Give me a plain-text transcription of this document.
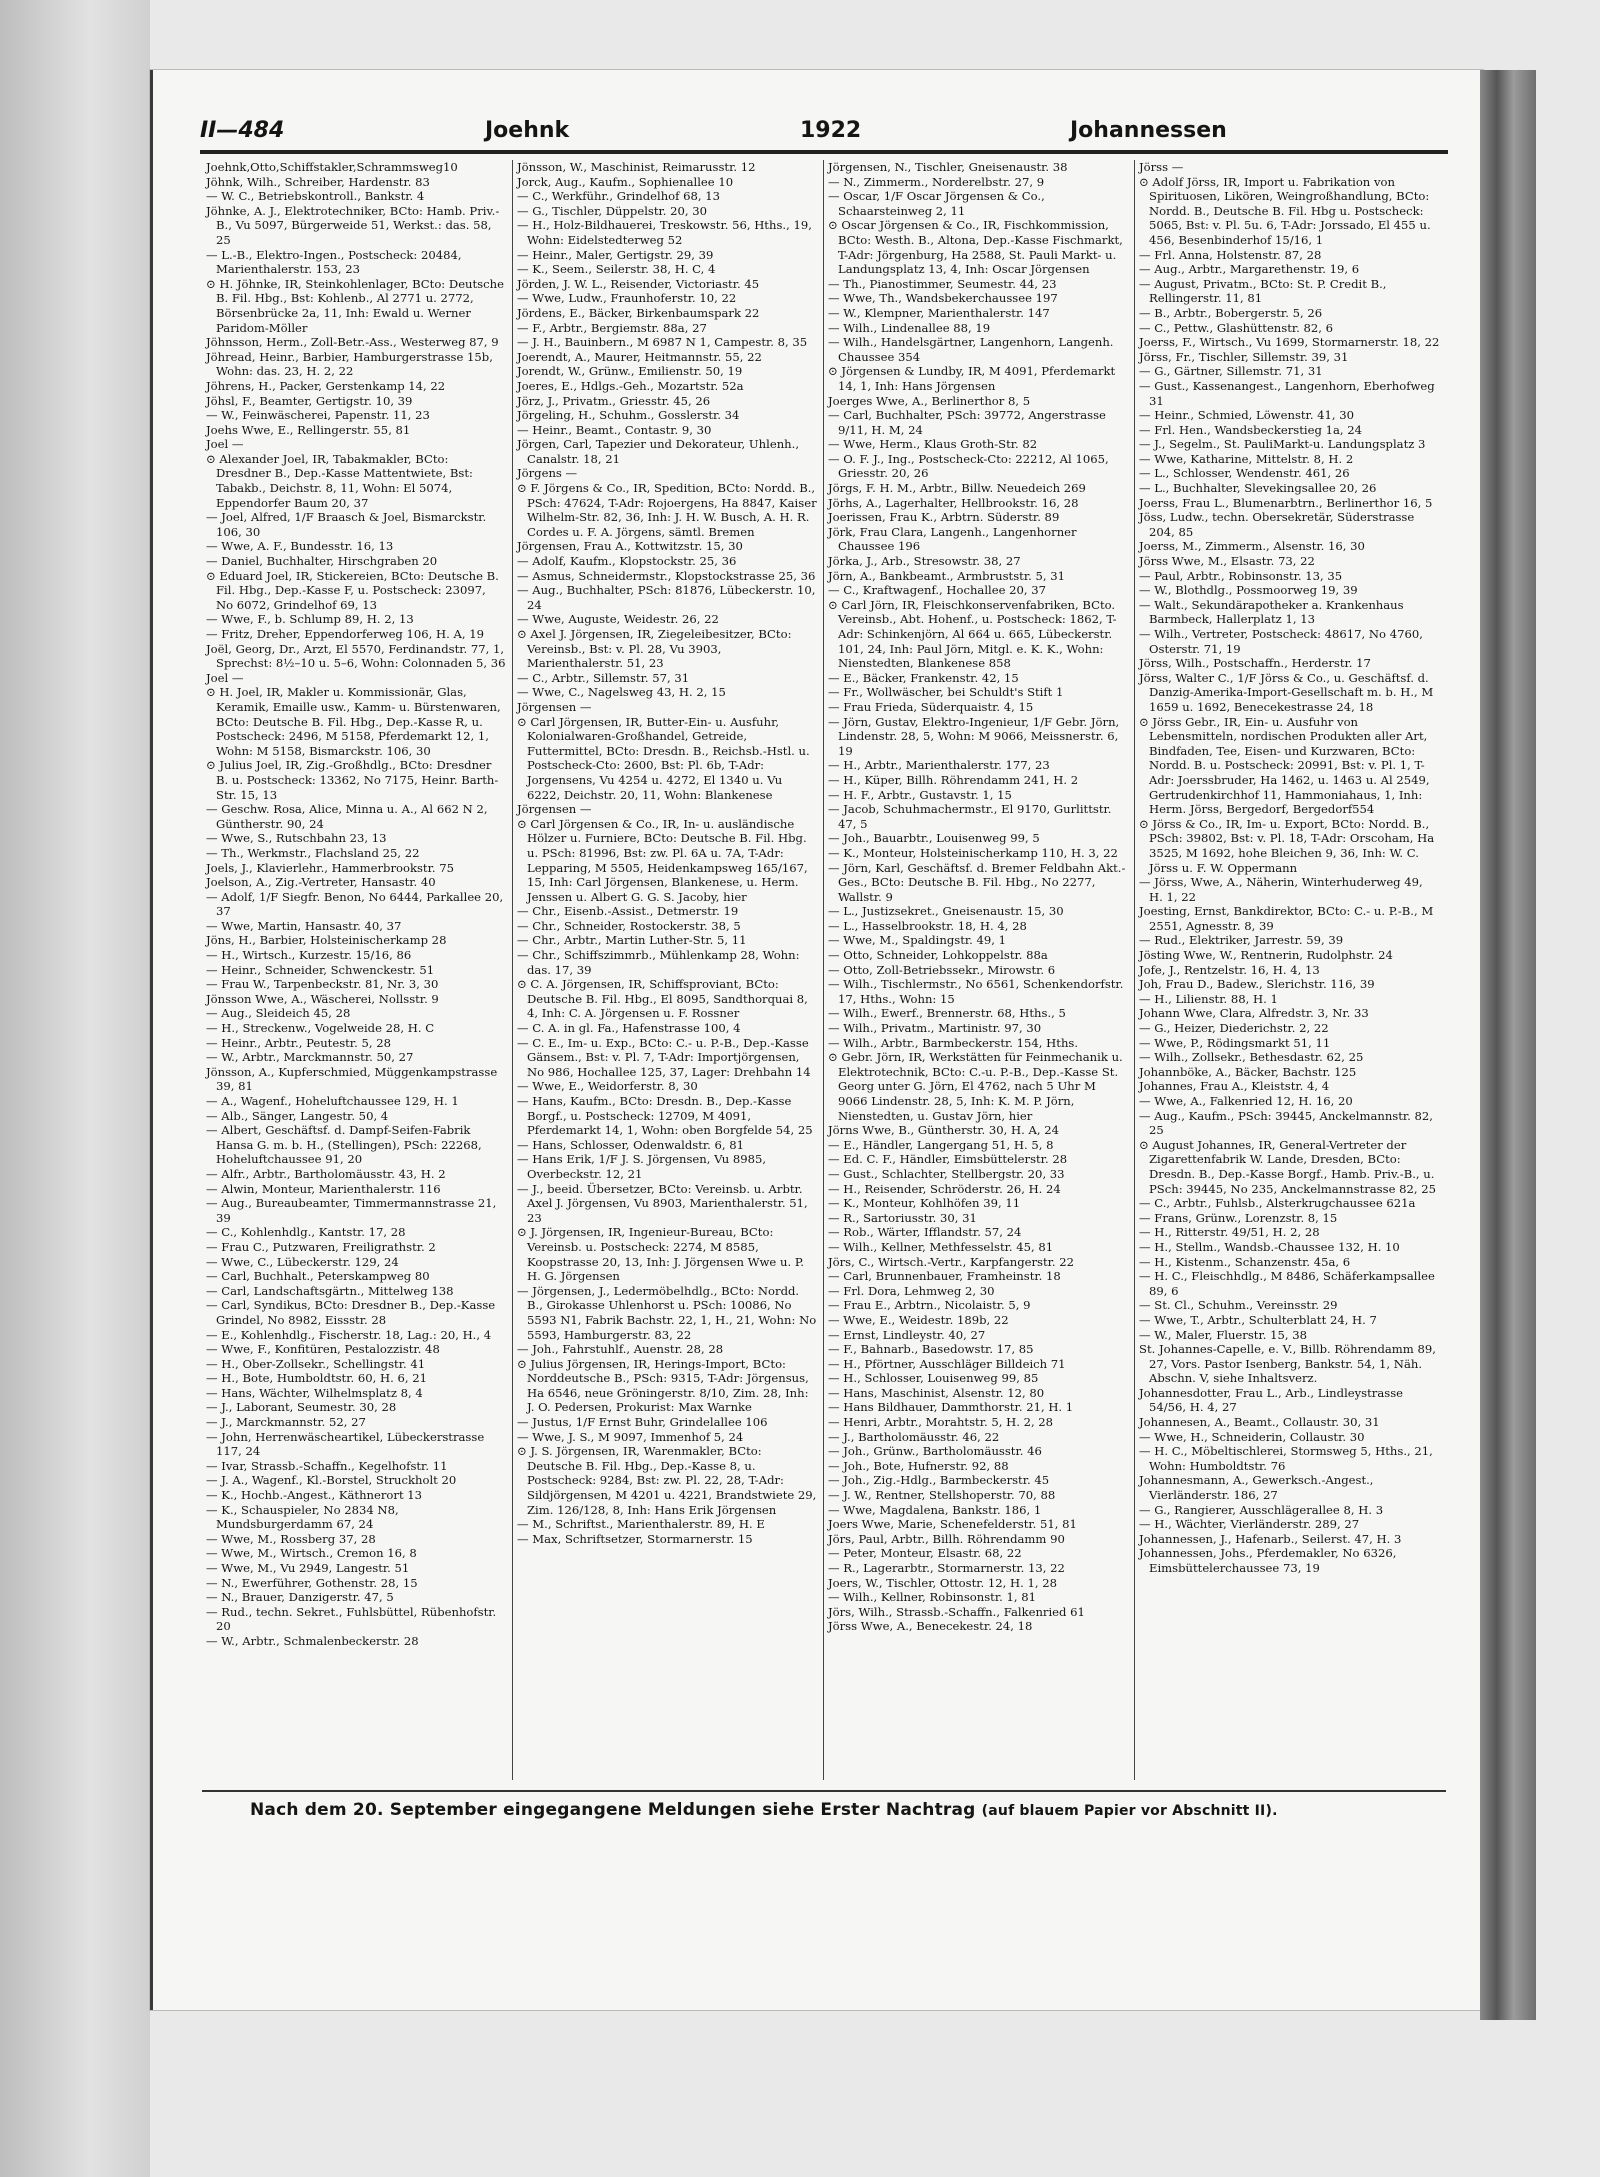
II—484	Joehnk	1922	Johannessen

Joehnk,Otto,Schiffstakler,Schrammsweg10

Jöhnk, Wilh., Schreiber, Hardenstr. 83

— W. C., Betriebskontroll., Bankstr. 4

Jöhnke, A. J., Elektrotechniker, BCto: Hamb. Priv.-B., Vu 5097, Bürgerweide 51, Werkst.: das. 58, 25

— L.-B., Elektro-Ingen., Postscheck: 20484, Marienthalerstr. 153, 23

⊙ H. Jöhnke, IR, Steinkohlenlager, BCto: Deutsche B. Fil. Hbg., Bst: Kohlenb., Al 2771 u. 2772, Börsenbrücke 2a, 11, Inh: Ewald u. Werner Paridom-Möller

Jöhnsson, Herm., Zoll-Betr.-Ass., Westerweg 87, 9

Jöhread, Heinr., Barbier, Hamburgerstrasse 15b, Wohn: das. 23, H. 2, 22

Jöhrens, H., Packer, Gerstenkamp 14, 22

Jöhsl, F., Beamter, Gertigstr. 10, 39

— W., Feinwäscherei, Papenstr. 11, 23

Joehs Wwe, E., Rellingerstr. 55, 81

Joel —

⊙ Alexander Joel, IR, Tabakmakler, BCto: Dresdner B., Dep.-Kasse Mattentwiete, Bst: Tabakb., Deichstr. 8, 11, Wohn: El 5074, Eppendorfer Baum 20, 37

— Joel, Alfred, 1/F Braasch & Joel, Bismarckstr. 106, 30

— Wwe, A. F., Bundesstr. 16, 13

— Daniel, Buchhalter, Hirschgraben 20

⊙ Eduard Joel, IR, Stickereien, BCto: Deutsche B. Fil. Hbg., Dep.-Kasse F, u. Postscheck: 23097, No 6072, Grindelhof 69, 13

— Wwe, F., b. Schlump 89, H. 2, 13

— Fritz, Dreher, Eppendorferweg 106, H. A, 19

Joël, Georg, Dr., Arzt, El 5570, Ferdinandstr. 77, 1, Sprechst: 8½–10 u. 5–6, Wohn: Colonnaden 5, 36

Joel —

⊙ H. Joel, IR, Makler u. Kommissionär, Glas, Keramik, Emaille usw., Kamm- u. Bürstenwaren, BCto: Deutsche B. Fil. Hbg., Dep.-Kasse R, u. Postscheck: 2496, M 5158, Pferdemarkt 12, 1, Wohn: M 5158, Bismarckstr. 106, 30

⊙ Julius Joel, IR, Zig.-Großhdlg., BCto: Dresdner B. u. Postscheck: 13362, No 7175, Heinr. Barth-Str. 15, 13

— Geschw. Rosa, Alice, Minna u. A., Al 662 N 2, Güntherstr. 90, 24

— Wwe, S., Rutschbahn 23, 13

— Th., Werkmstr., Flachsland 25, 22

Joels, J., Klavierlehr., Hammerbrookstr. 75

Joelson, A., Zig.-Vertreter, Hansastr. 40

— Adolf, 1/F Siegfr. Benon, No 6444, Parkallee 20, 37

— Wwe, Martin, Hansastr. 40, 37

Jöns, H., Barbier, Holsteinischerkamp 28

— H., Wirtsch., Kurzestr. 15/16, 86

— Heinr., Schneider, Schwenckestr. 51

— Frau W., Tarpenbeckstr. 81, Nr. 3, 30

Jönsson Wwe, A., Wäscherei, Nollsstr. 9

— Aug., Sleideich 45, 28

— H., Streckenw., Vogelweide 28, H. C

— Heinr., Arbtr., Peutestr. 5, 28

— W., Arbtr., Marckmannstr. 50, 27

Jönsson, A., Kupferschmied, Müggenkampstrasse 39, 81

— A., Wagenf., Hoheluftchaussee 129, H. 1

— Alb., Sänger, Langestr. 50, 4

— Albert, Geschäftsf. d. Dampf-Seifen-Fabrik Hansa G. m. b. H., (Stellingen), PSch: 22268, Hoheluftchaussee 91, 20

— Alfr., Arbtr., Bartholomäusstr. 43, H. 2

— Alwin, Monteur, Marienthalerstr. 116

— Aug., Bureaubeamter, Timmermannstrasse 21, 39

— C., Kohlenhdlg., Kantstr. 17, 28

— Frau C., Putzwaren, Freiligrathstr. 2

— Wwe, C., Lübeckerstr. 129, 24

— Carl, Buchhalt., Peterskampweg 80

— Carl, Landschaftsgärtn., Mittelweg 138

— Carl, Syndikus, BCto: Dresdner B., Dep.-Kasse Grindel, No 8982, Eissstr. 28

— E., Kohlenhdlg., Fischerstr. 18, Lag.: 20, H., 4

— Wwe, F., Konfitüren, Pestalozzistr. 48

— H., Ober-Zollsekr., Schellingstr. 41

— H., Bote, Humboldtstr. 60, H. 6, 21

— Hans, Wächter, Wilhelmsplatz 8, 4

— J., Laborant, Seumestr. 30, 28

— J., Marckmannstr. 52, 27

— John, Herrenwäscheartikel, Lübeckerstrasse 117, 24

— Ivar, Strassb.-Schaffn., Kegelhofstr. 11

— J. A., Wagenf., Kl.-Borstel, Struckholt 20

— K., Hochb.-Angest., Käthnerort 13

— K., Schauspieler, No 2834 N8, Mundsburgerdamm 67, 24

— Wwe, M., Rossberg 37, 28

— Wwe, M., Wirtsch., Cremon 16, 8

— Wwe, M., Vu 2949, Langestr. 51

— N., Ewerführer, Gothenstr. 28, 15

— N., Brauer, Danzigerstr. 47, 5

— Rud., techn. Sekret., Fuhlsbüttel, Rübenhofstr. 20

— W., Arbtr., Schmalenbeckerstr. 28

Jönsson, W., Maschinist, Reimarusstr. 12

Jorck, Aug., Kaufm., Sophienallee 10

— C., Werkführ., Grindelhof 68, 13

— G., Tischler, Düppelstr. 20, 30

— H., Holz-Bildhauerei, Treskowstr. 56, Hths., 19, Wohn: Eidelstedterweg 52

— Heinr., Maler, Gertigstr. 29, 39

— K., Seem., Seilerstr. 38, H. C, 4

Jörden, J. W. L., Reisender, Victoriastr. 45

— Wwe, Ludw., Fraunhoferstr. 10, 22

Jördens, E., Bäcker, Birkenbaumspark 22

— F., Arbtr., Bergiemstr. 88a, 27

— J. H., Bauinbern., M 6987 N 1, Campestr. 8, 35

Joerendt, A., Maurer, Heitmannstr. 55, 22

Jorendt, W., Grünw., Emilienstr. 50, 19

Joeres, E., Hdlgs.-Geh., Mozartstr. 52a

Jörz, J., Privatm., Griesstr. 45, 26

Jörgeling, H., Schuhm., Gosslerstr. 34

— Heinr., Beamt., Contastr. 9, 30

Jörgen, Carl, Tapezier und Dekorateur, Uhlenh., Canalstr. 18, 21

Jörgens —

⊙ F. Jörgens & Co., IR, Spedition, BCto: Nordd. B., PSch: 47624, T-Adr: Rojoergens, Ha 8847, Kaiser Wilhelm-Str. 82, 36, Inh: J. H. W. Busch, A. H. R. Cordes u. F. A. Jörgens, sämtl. Bremen

Jörgensen, Frau A., Kottwitzstr. 15, 30

— Adolf, Kaufm., Klopstockstr. 25, 36

— Asmus, Schneidermstr., Klopstockstrasse 25, 36

— Aug., Buchhalter, PSch: 81876, Lübeckerstr. 10, 24

— Wwe, Auguste, Weidestr. 26, 22

⊙ Axel J. Jörgensen, IR, Ziegeleibesitzer, BCto: Vereinsb., Bst: v. Pl. 28, Vu 3903, Marienthalerstr. 51, 23

— C., Arbtr., Sillemstr. 57, 31

— Wwe, C., Nagelsweg 43, H. 2, 15

Jörgensen —

⊙ Carl Jörgensen, IR, Butter-Ein- u. Ausfuhr, Kolonialwaren-Großhandel, Getreide, Futtermittel, BCto: Dresdn. B., Reichsb.-Hstl. u. Postscheck-Cto: 2600, Bst: Pl. 6b, T-Adr: Jorgensens, Vu 4254 u. 4272, El 1340 u. Vu 6222, Deichstr. 20, 11, Wohn: Blankenese

Jörgensen —

⊙ Carl Jörgensen & Co., IR, In- u. ausländische Hölzer u. Furniere, BCto: Deutsche B. Fil. Hbg. u. PSch: 81996, Bst: zw. Pl. 6A u. 7A, T-Adr: Lepparing, M 5505, Heidenkampsweg 165/167, 15, Inh: Carl Jörgensen, Blankenese, u. Herm. Jenssen u. Albert G. G. S. Jacoby, hier

— Chr., Eisenb.-Assist., Detmerstr. 19

— Chr., Schneider, Rostockerstr. 38, 5

— Chr., Arbtr., Martin Luther-Str. 5, 11

— Chr., Schiffszimmrb., Mühlenkamp 28, Wohn: das. 17, 39

⊙ C. A. Jörgensen, IR, Schiffsproviant, BCto: Deutsche B. Fil. Hbg., El 8095, Sandthorquai 8, 4, Inh: C. A. Jörgensen u. F. Rossner

— C. A. in gl. Fa., Hafenstrasse 100, 4

— C. E., Im- u. Exp., BCto: C.- u. P.-B., Dep.-Kasse Gänsem., Bst: v. Pl. 7, T-Adr: Importjörgensen, No 986, Hochallee 125, 37, Lager: Drehbahn 14

— Wwe, E., Weidorferstr. 8, 30

— Hans, Kaufm., BCto: Dresdn. B., Dep.-Kasse Borgf., u. Postscheck: 12709, M 4091, Pferdemarkt 14, 1, Wohn: oben Borgfelde 54, 25

— Hans, Schlosser, Odenwaldstr. 6, 81

— Hans Erik, 1/F J. S. Jörgensen, Vu 8985, Overbeckstr. 12, 21

— J., beeid. Übersetzer, BCto: Vereinsb. u. Arbtr. Axel J. Jörgensen, Vu 8903, Marienthalerstr. 51, 23

⊙ J. Jörgensen, IR, Ingenieur-Bureau, BCto: Vereinsb. u. Postscheck: 2274, M 8585, Koopstrasse 20, 13, Inh: J. Jörgensen Wwe u. P. H. G. Jörgensen

— Jörgensen, J., Ledermöbelhdlg., BCto: Nordd. B., Girokasse Uhlenhorst u. PSch: 10086, No 5593 N1, Fabrik Bachstr. 22, 1, H., 21, Wohn: No 5593, Hamburgerstr. 83, 22

— Joh., Fahrstuhlf., Auenstr. 28, 28

⊙ Julius Jörgensen, IR, Herings-Import, BCto: Norddeutsche B., PSch: 9315, T-Adr: Jörgensus, Ha 6546, neue Gröningerstr. 8/10, Zim. 28, Inh: J. O. Pedersen, Prokurist: Max Warnke

— Justus, 1/F Ernst Buhr, Grindelallee 106

— Wwe, J. S., M 9097, Immenhof 5, 24

⊙ J. S. Jörgensen, IR, Warenmakler, BCto: Deutsche B. Fil. Hbg., Dep.-Kasse 8, u. Postscheck: 9284, Bst: zw. Pl. 22, 28, T-Adr: Sildjörgensen, M 4201 u. 4221, Brandstwiete 29, Zim. 126/128, 8, Inh: Hans Erik Jörgensen

— M., Schriftst., Marienthalerstr. 89, H. E

— Max, Schriftsetzer, Stormarnerstr. 15

Jörgensen, N., Tischler, Gneisenaustr. 38

— N., Zimmerm., Norderelbstr. 27, 9

— Oscar, 1/F Oscar Jörgensen & Co., Schaarsteinweg 2, 11

⊙ Oscar Jörgensen & Co., IR, Fischkommission, BCto: Westh. B., Altona, Dep.-Kasse Fischmarkt, T-Adr: Jörgenburg, Ha 2588, St. Pauli Markt- u. Landungsplatz 13, 4, Inh: Oscar Jörgensen

— Th., Pianostimmer, Seumestr. 44, 23

— Wwe, Th., Wandsbekerchaussee 197

— W., Klempner, Marienthalerstr. 147

— Wilh., Lindenallee 88, 19

— Wilh., Handelsgärtner, Langenhorn, Langenh. Chaussee 354

⊙ Jörgensen & Lundby, IR, M 4091, Pferdemarkt 14, 1, Inh: Hans Jörgensen

Joerges Wwe, A., Berlinerthor 8, 5

— Carl, Buchhalter, PSch: 39772, Angerstrasse 9/11, H. M, 24

— Wwe, Herm., Klaus Groth-Str. 82

— O. F. J., Ing., Postscheck-Cto: 22212, Al 1065, Griesstr. 20, 26

Jörgs, F. H. M., Arbtr., Billw. Neuedeich 269

Jörhs, A., Lagerhalter, Hellbrookstr. 16, 28

Joerissen, Frau K., Arbtrn. Süderstr. 89

Jörk, Frau Clara, Langenh., Langenhorner Chaussee 196

Jörka, J., Arb., Stresowstr. 38, 27

Jörn, A., Bankbeamt., Armbruststr. 5, 31

— C., Kraftwagenf., Hochallee 20, 37

⊙ Carl Jörn, IR, Fleischkonservenfabriken, BCto. Vereinsb., Abt. Hohenf., u. Postscheck: 1862, T-Adr: Schinkenjörn, Al 664 u. 665, Lübeckerstr. 101, 24, Inh: Paul Jörn, Mitgl. e. K. K., Wohn: Nienstedten, Blankenese 858

— E., Bäcker, Frankenstr. 42, 15

— Fr., Wollwäscher, bei Schuldt's Stift 1

— Frau Frieda, Süderquaistr. 4, 15

— Jörn, Gustav, Elektro-Ingenieur, 1/F Gebr. Jörn, Lindenstr. 28, 5, Wohn: M 9066, Meissnerstr. 6, 19

— H., Arbtr., Marienthalerstr. 177, 23

— H., Küper, Billh. Röhrendamm 241, H. 2

— H. F., Arbtr., Gustavstr. 1, 15

— Jacob, Schuhmachermstr., El 9170, Gurlittstr. 47, 5

— Joh., Bauarbtr., Louisenweg 99, 5

— K., Monteur, Holsteinischerkamp 110, H. 3, 22

— Jörn, Karl, Geschäftsf. d. Bremer Feldbahn Akt.-Ges., BCto: Deutsche B. Fil. Hbg., No 2277, Wallstr. 9

— L., Justizsekret., Gneisenaustr. 15, 30

— L., Hasselbrookstr. 18, H. 4, 28

— Wwe, M., Spaldingstr. 49, 1

— Otto, Schneider, Lohkoppelstr. 88a

— Otto, Zoll-Betriebssekr., Mirowstr. 6

— Wilh., Tischlermstr., No 6561, Schenkendorfstr. 17, Hths., Wohn: 15

— Wilh., Ewerf., Brennerstr. 68, Hths., 5

— Wilh., Privatm., Martinistr. 97, 30

— Wilh., Arbtr., Barmbeckerstr. 154, Hths.

⊙ Gebr. Jörn, IR, Werkstätten für Feinmechanik u. Elektrotechnik, BCto: C.-u. P.-B., Dep.-Kasse St. Georg unter G. Jörn, El 4762, nach 5 Uhr M 9066 Lindenstr. 28, 5, Inh: K. M. P. Jörn, Nienstedten, u. Gustav Jörn, hier

Jörns Wwe, B., Güntherstr. 30, H. A, 24

— E., Händler, Langergang 51, H. 5, 8

— Ed. C. F., Händler, Eimsbüttelerstr. 28

— Gust., Schlachter, Stellbergstr. 20, 33

— H., Reisender, Schröderstr. 26, H. 24

— K., Monteur, Kohlhöfen 39, 11

— R., Sartoriusstr. 30, 31

— Rob., Wärter, Ifflandstr. 57, 24

— Wilh., Kellner, Methfesselstr. 45, 81

Jörs, C., Wirtsch.-Vertr., Karpfangerstr. 22

— Carl, Brunnenbauer, Framheinstr. 18

— Frl. Dora, Lehmweg 2, 30

— Frau E., Arbtrn., Nicolaistr. 5, 9

— Wwe, E., Weidestr. 189b, 22

— Ernst, Lindleystr. 40, 27

— F., Bahnarb., Basedowstr. 17, 85

— H., Pförtner, Ausschläger Billdeich 71

— H., Schlosser, Louisenweg 99, 85

— Hans, Maschinist, Alsenstr. 12, 80

— Hans Bildhauer, Dammthorstr. 21, H. 1

— Henri, Arbtr., Morahtstr. 5, H. 2, 28

— J., Bartholomäusstr. 46, 22

— Joh., Grünw., Bartholomäusstr. 46

— Joh., Bote, Hufnerstr. 92, 88

— Joh., Zig.-Hdlg., Barmbeckerstr. 45

— J. W., Rentner, Stellshoperstr. 70, 88

— Wwe, Magdalena, Bankstr. 186, 1

Joers Wwe, Marie, Schenefelderstr. 51, 81

Jörs, Paul, Arbtr., Billh. Röhrendamm 90

— Peter, Monteur, Elsastr. 68, 22

— R., Lagerarbtr., Stormarnerstr. 13, 22

Joers, W., Tischler, Ottostr. 12, H. 1, 28

— Wilh., Kellner, Robinsonstr. 1, 81

Jörs, Wilh., Strassb.-Schaffn., Falkenried 61

Jörss Wwe, A., Benecekestr. 24, 18

Jörss —

⊙ Adolf Jörss, IR, Import u. Fabrikation von Spirituosen, Likören, Weingroßhandlung, BCto: Nordd. B., Deutsche B. Fil. Hbg u. Postscheck: 5065, Bst: v. Pl. 5u. 6, T-Adr: Jorssado, El 455 u. 456, Besenbinderhof 15/16, 1

— Frl. Anna, Holstenstr. 87, 28

— Aug., Arbtr., Margarethenstr. 19, 6

— August, Privatm., BCto: St. P. Credit B., Rellingerstr. 11, 81

— B., Arbtr., Bobergerstr. 5, 26

— C., Pettw., Glashüttenstr. 82, 6

Joerss, F., Wirtsch., Vu 1699, Stormarnerstr. 18, 22

Jörss, Fr., Tischler, Sillemstr. 39, 31

— G., Gärtner, Sillemstr. 71, 31

— Gust., Kassenangest., Langenhorn, Eberhofweg 31

— Heinr., Schmied, Löwenstr. 41, 30

— Frl. Hen., Wandsbeckerstieg 1a, 24

— J., Segelm., St. PauliMarkt-u. Landungsplatz 3

— Wwe, Katharine, Mittelstr. 8, H. 2

— L., Schlosser, Wendenstr. 461, 26

— L., Buchhalter, Slevekingsallee 20, 26

Joerss, Frau L., Blumenarbtrn., Berlinerthor 16, 5

Jöss, Ludw., techn. Obersekretär, Süderstrasse 204, 85

Joerss, M., Zimmerm., Alsenstr. 16, 30

Jörss Wwe, M., Elsastr. 73, 22

— Paul, Arbtr., Robinsonstr. 13, 35

— W., Blothdlg., Possmoorweg 19, 39

— Walt., Sekundärapotheker a. Krankenhaus Barmbeck, Hallerplatz 1, 13

— Wilh., Vertreter, Postscheck: 48617, No 4760, Osterstr. 71, 19

Jörss, Wilh., Postschaffn., Herderstr. 17

Jörss, Walter C., 1/F Jörss & Co., u. Geschäftsf. d. Danzig-Amerika-Import-Gesellschaft m. b. H., M 1659 u. 1692, Benecekestrasse 24, 18

⊙ Jörss Gebr., IR, Ein- u. Ausfuhr von Lebensmitteln, nordischen Produkten aller Art, Bindfaden, Tee, Eisen- und Kurzwaren, BCto: Nordd. B. u. Postscheck: 20991, Bst: v. Pl. 1, T-Adr: Joerssbruder, Ha 1462, u. 1463 u. Al 2549, Gertrudenkirchhof 11, Hammoniahaus, 1, Inh: Herm. Jörss, Bergedorf, Bergedorf554

⊙ Jörss & Co., IR, Im- u. Export, BCto: Nordd. B., PSch: 39802, Bst: v. Pl. 18, T-Adr: Orscoham, Ha 3525, M 1692, hohe Bleichen 9, 36, Inh: W. C. Jörss u. F. W. Oppermann

— Jörss, Wwe, A., Näherin, Winterhuderweg 49, H. 1, 22

Joesting, Ernst, Bankdirektor, BCto: C.- u. P.-B., M 2551, Agnesstr. 8, 39

— Rud., Elektriker, Jarrestr. 59, 39

Jösting Wwe, W., Rentnerin, Rudolphstr. 24

Jofe, J., Rentzelstr. 16, H. 4, 13

Joh, Frau D., Badew., Slerichstr. 116, 39

— H., Lilienstr. 88, H. 1

Johann Wwe, Clara, Alfredstr. 3, Nr. 33

— G., Heizer, Diederichstr. 2, 22

— Wwe, P., Rödingsmarkt 51, 11

— Wilh., Zollsekr., Bethesdastr. 62, 25

Johannböke, A., Bäcker, Bachstr. 125

Johannes, Frau A., Kleiststr. 4, 4

— Wwe, A., Falkenried 12, H. 16, 20

— Aug., Kaufm., PSch: 39445, Anckelmannstr. 82, 25

⊙ August Johannes, IR, General-Vertreter der Zigarettenfabrik W. Lande, Dresden, BCto: Dresdn. B., Dep.-Kasse Borgf., Hamb. Priv.-B., u. PSch: 39445, No 235, Anckelmannstrasse 82, 25

— C., Arbtr., Fuhlsb., Alsterkrugchaussee 621a

— Frans, Grünw., Lorenzstr. 8, 15

— H., Ritterstr. 49/51, H. 2, 28

— H., Stellm., Wandsb.-Chaussee 132, H. 10

— H., Kistenm., Schanzenstr. 45a, 6

— H. C., Fleischhdlg., M 8486, Schäferkampsallee 89, 6

— St. Cl., Schuhm., Vereinsstr. 29

— Wwe, T., Arbtr., Schulterblatt 24, H. 7

— W., Maler, Fluerstr. 15, 38

St. Johannes-Capelle, e. V., Billb. Röhrendamm 89, 27, Vors. Pastor Isenberg, Bankstr. 54, 1, Näh. Abschn. V, siehe Inhaltsverz.

Johannesdotter, Frau L., Arb., Lindleystrasse 54/56, H. 4, 27

Johannesen, A., Beamt., Collaustr. 30, 31

— Wwe, H., Schneiderin, Collaustr. 30

— H. C., Möbeltischlerei, Stormsweg 5, Hths., 21, Wohn: Humboldtstr. 76

Johannesmann, A., Gewerksch.-Angest., Vierländerstr. 186, 27

— G., Rangierer, Ausschlägerallee 8, H. 3

— H., Wächter, Vierländerstr. 289, 27

Johannessen, J., Hafenarb., Seilerst. 47, H. 3

Johannessen, Johs., Pferdemakler, No 6326, Eimsbüttelerchaussee 73, 19

Nach dem 20. September eingegangene Meldungen siehe Erster Nachtrag (auf blauem Papier vor Abschnitt II).
